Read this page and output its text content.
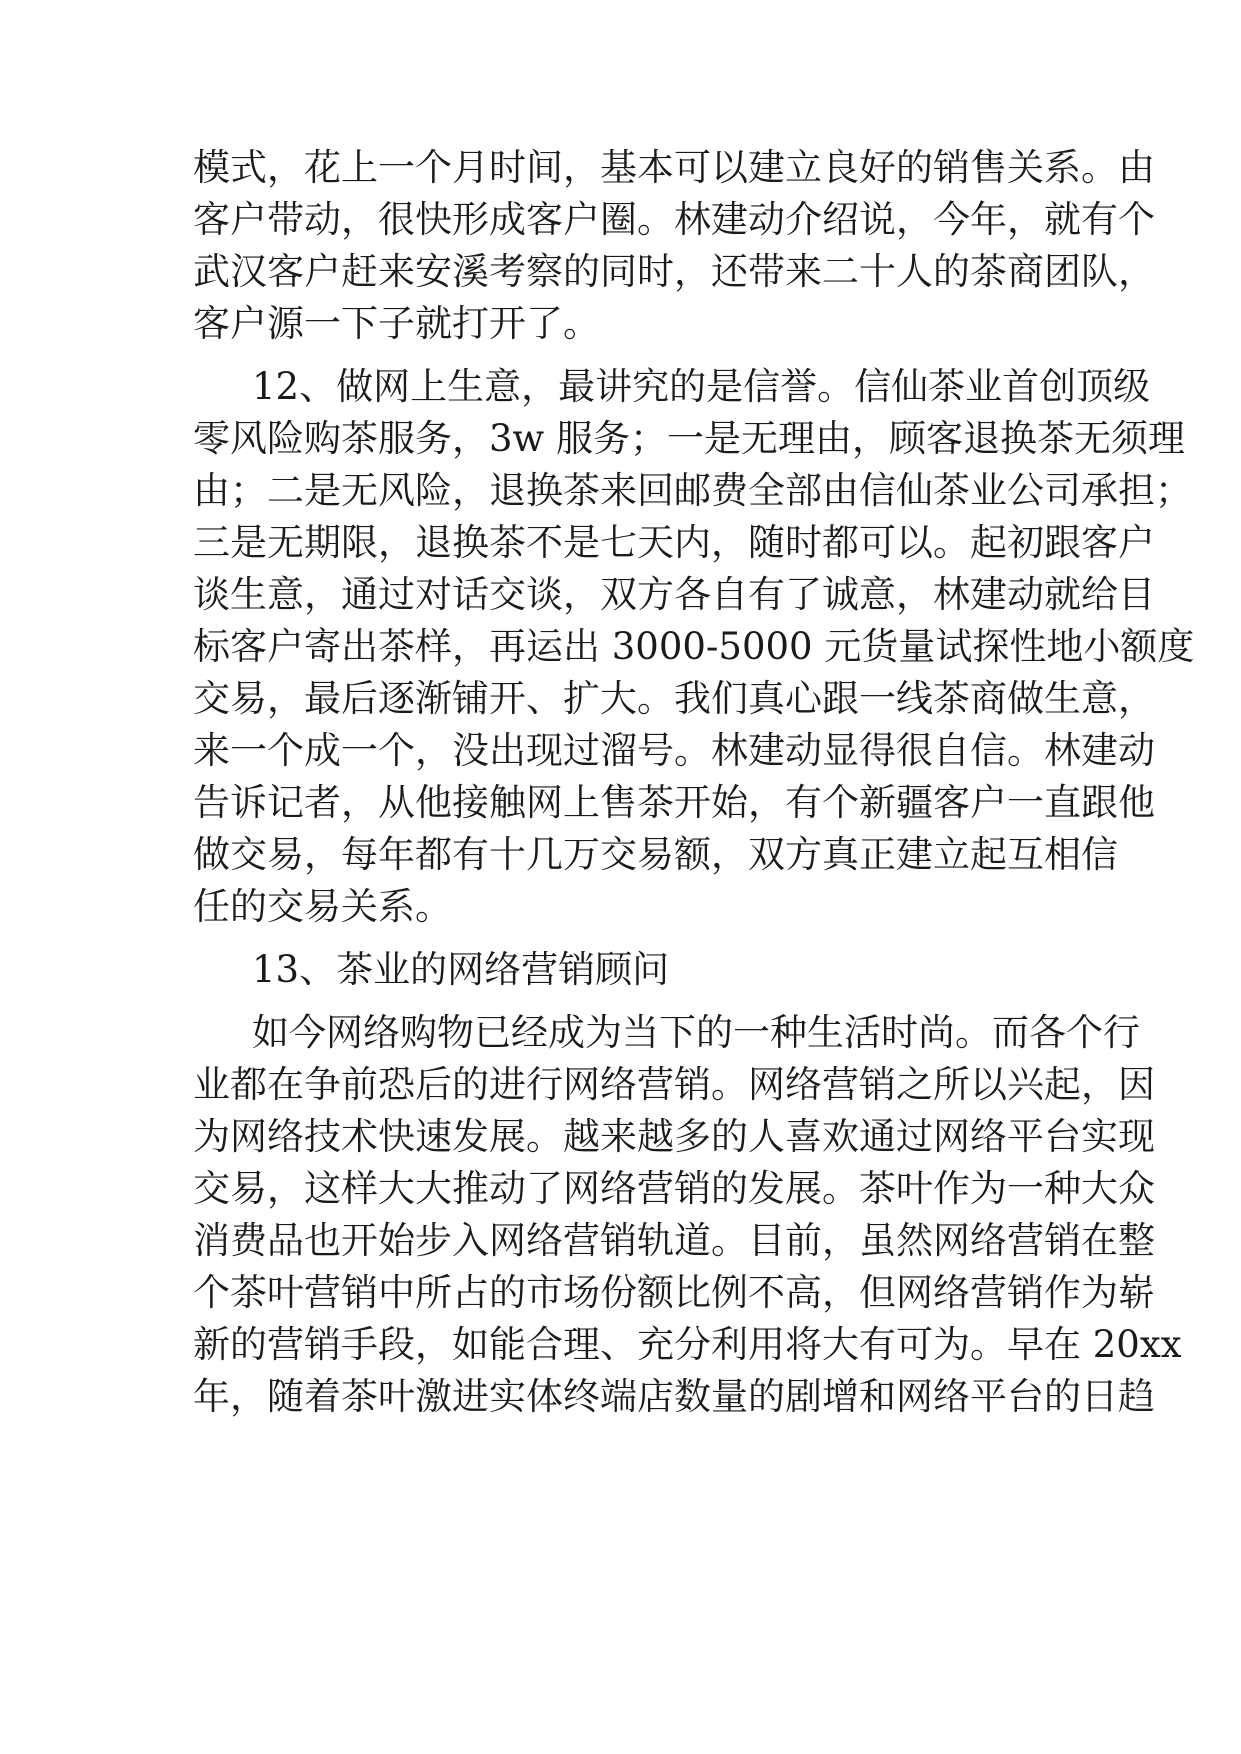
模式，花上一个月时间，基本可以建立良好的销售关系。由
客户带动，很快形成客户圈。林建动介绍说，今年，就有个
武汉客户赶来安溪考察的同时，还带来二十人的茶商团队，
客户源一下子就打开了。
12、做网上生意，最讲究的是信誉。信仙茶业首创顶级
零风险购茶服务，3w 服务；一是无理由，顾客退换茶无须理
由；二是无风险，退换茶来回邮费全部由信仙茶业公司承担；
三是无期限，退换茶不是七天内，随时都可以。起初跟客户
谈生意，通过对话交谈，双方各自有了诚意，林建动就给目
标客户寄出茶样，再运出 3000-5000 元货量试探性地小额度
交易，最后逐渐铺开、扩大。我们真心跟一线茶商做生意，
来一个成一个，没出现过溜号。林建动显得很自信。林建动
告诉记者，从他接触网上售茶开始，有个新疆客户一直跟他
做交易，每年都有十几万交易额，双方真正建立起互相信
任的交易关系。
13、茶业的网络营销顾问
如今网络购物已经成为当下的一种生活时尚。而各个行
业都在争前恐后的进行网络营销。网络营销之所以兴起，因
为网络技术快速发展。越来越多的人喜欢通过网络平台实现
交易，这样大大推动了网络营销的发展。茶叶作为一种大众
消费品也开始步入网络营销轨道。目前，虽然网络营销在整
个茶叶营销中所占的市场份额比例不高，但网络营销作为崭
新的营销手段，如能合理、充分利用将大有可为。早在 20xx
年，随着茶叶激进实体终端店数量的剧增和网络平台的日趋
